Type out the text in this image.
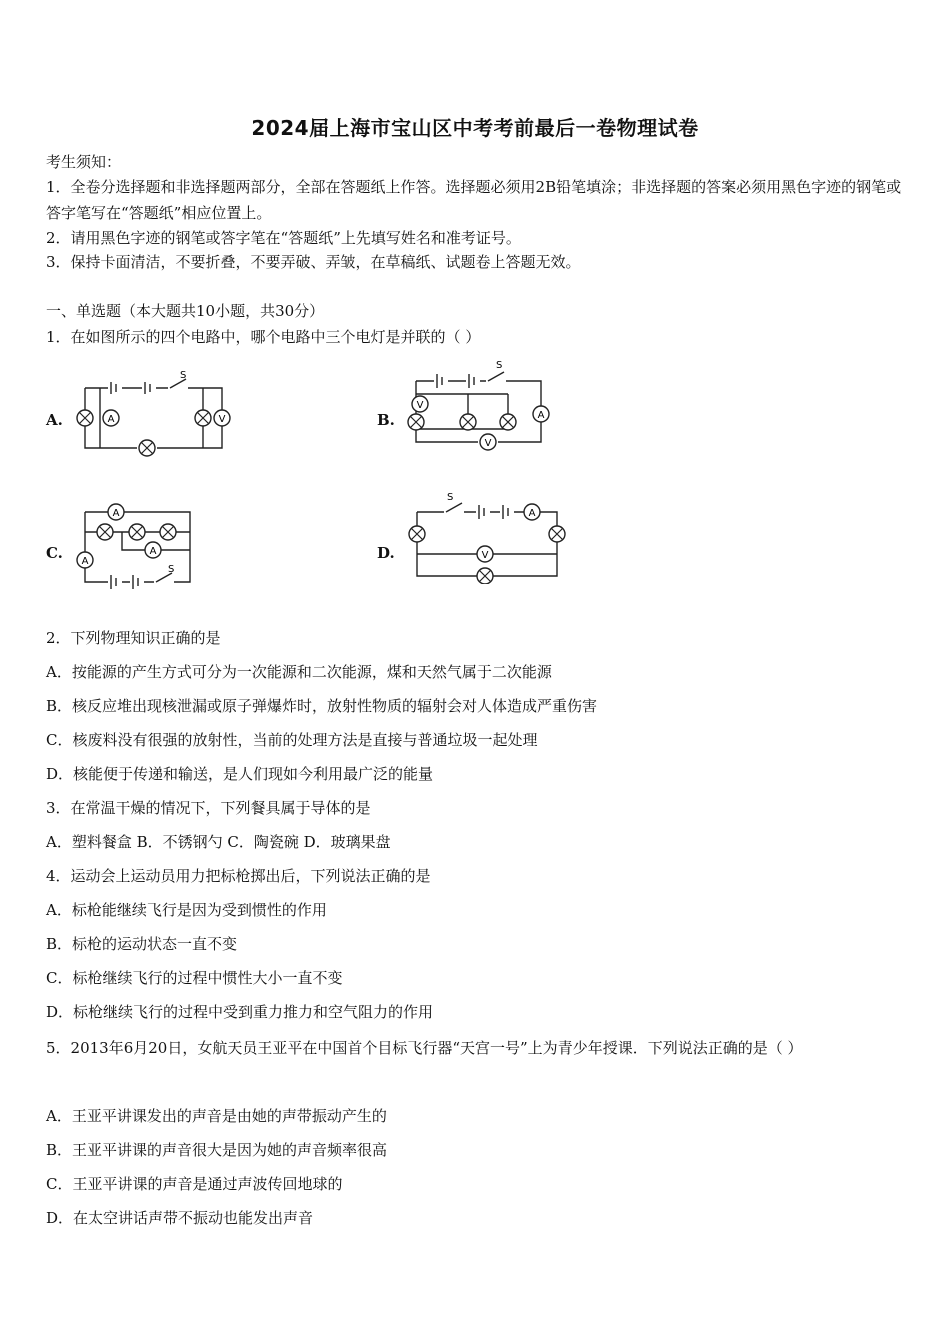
2024届上海市宝山区中考考前最后一卷物理试卷
考生须知：
1．全卷分选择题和非选择题两部分，全部在答题纸上作答。选择题必须用2B铅笔填涂；非选择题的答案必须用黑色字迹的钢笔或答字笔写在“答题纸”相应位置上。
2．请用黑色字迹的钢笔或答字笔在“答题纸”上先填写姓名和准考证号。
3．保持卡面清洁，不要折叠，不要弄破、弄皱，在草稿纸、试题卷上答题无效。
一、单选题（本大题共10小题，共30分）
1．在如图所示的四个电路中，哪个电路中三个电灯是并联的（ ）
A.	B.
C.	D.
A	V
S
V
A
V
S
A
A
A
S
A
V
S
2．下列物理知识正确的是
A．按能源的产生方式可分为一次能源和二次能源，煤和天然气属于二次能源
B．核反应堆出现核泄漏或原子弹爆炸时，放射性物质的辐射会对人体造成严重伤害
C．核废料没有很强的放射性，当前的处理方法是直接与普通垃圾一起处理
D．核能便于传递和输送，是人们现如今利用最广泛的能量
3．在常温干燥的情况下，下列餐具属于导体的是
A．塑料餐盒 B．不锈钢勺 C．陶瓷碗 D．玻璃果盘
4．运动会上运动员用力把标枪掷出后，下列说法正确的是
A．标枪能继续飞行是因为受到惯性的作用
B．标枪的运动状态一直不变
C．标枪继续飞行的过程中惯性大小一直不变
D．标枪继续飞行的过程中受到重力推力和空气阻力的作用
5．2013年6月20日，女航天员王亚平在中国首个目标飞行器“天宫一号”上为青少年授课．下列说法正确的是（ ）
A．王亚平讲课发出的声音是由她的声带振动产生的
B．王亚平讲课的声音很大是因为她的声音频率很高
C．王亚平讲课的声音是通过声波传回地球的
D．在太空讲话声带不振动也能发出声音
